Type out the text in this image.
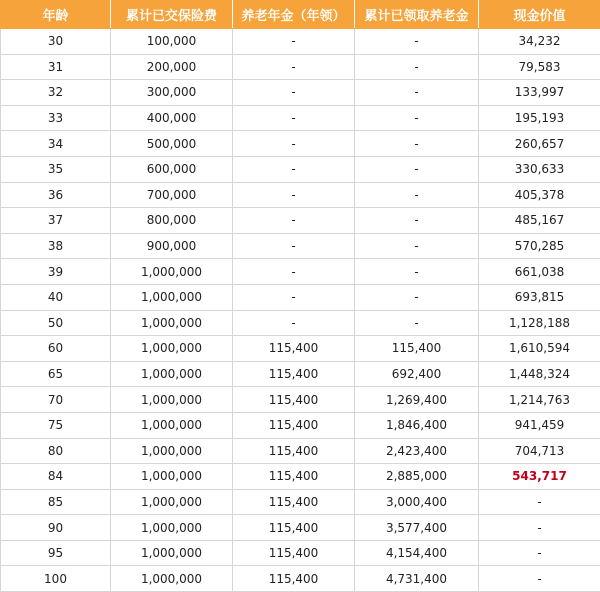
年龄	累计已交保险费	养老年金（年领）	累计已领取养老金	现金价值
30	100,000	-	-	34,232
31	200,000	-	-	79,583
32	300,000	-	-	133,997
33	400,000	-	-	195,193
34	500,000	-	-	260,657
35	600,000	-	-	330,633
36	700,000	-	-	405,378
37	800,000	-	-	485,167
38	900,000	-	-	570,285
39	1,000,000	-	-	661,038
40	1,000,000	-	-	693,815
50	1,000,000	-	-	1,128,188
60	1,000,000	115,400	115,400	1,610,594
65	1,000,000	115,400	692,400	1,448,324
70	1,000,000	115,400	1,269,400	1,214,763
75	1,000,000	115,400	1,846,400	941,459
80	1,000,000	115,400	2,423,400	704,713
84	1,000,000	115,400	2,885,000	543,717
85	1,000,000	115,400	3,000,400	-
90	1,000,000	115,400	3,577,400	-
95	1,000,000	115,400	4,154,400	-
100	1,000,000	115,400	4,731,400	-
